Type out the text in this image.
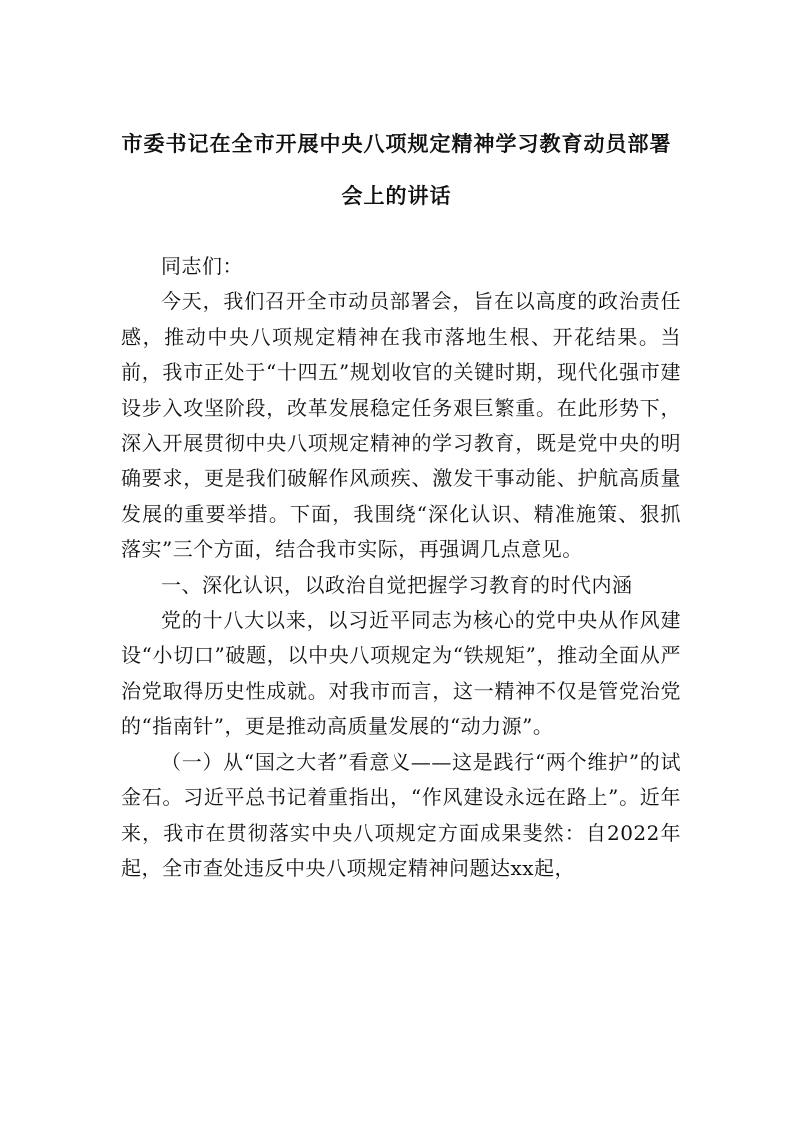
市委书记在全市开展中央八项规定精神学习教育动员部署
会上的讲话

同志们：

今天，我们召开全市动员部署会，旨在以高度的政治责任感，推动中央八项规定精神在我市落地生根、开花结果。当前，我市正处于“十四五”规划收官的关键时期，现代化强市建设步入攻坚阶段，改革发展稳定任务艰巨繁重。在此形势下，深入开展贯彻中央八项规定精神的学习教育，既是党中央的明确要求，更是我们破解作风顽疾、激发干事动能、护航高质量发展的重要举措。下面，我围绕“深化认识、精准施策、狠抓落实”三个方面，结合我市实际，再强调几点意见。

一、深化认识，以政治自觉把握学习教育的时代内涵

党的十八大以来，以习近平同志为核心的党中央从作风建设“小切口”破题，以中央八项规定为“铁规矩”，推动全面从严治党取得历史性成就。对我市而言，这一精神不仅是管党治党的“指南针”，更是推动高质量发展的“动力源”。

（一）从“国之大者”看意义——这是践行“两个维护”的试金石。习近平总书记着重指出，“作风建设永远在路上”。近年来，我市在贯彻落实中央八项规定方面成果斐然：自2022年起，全市查处违反中央八项规定精神问题达xx起，
